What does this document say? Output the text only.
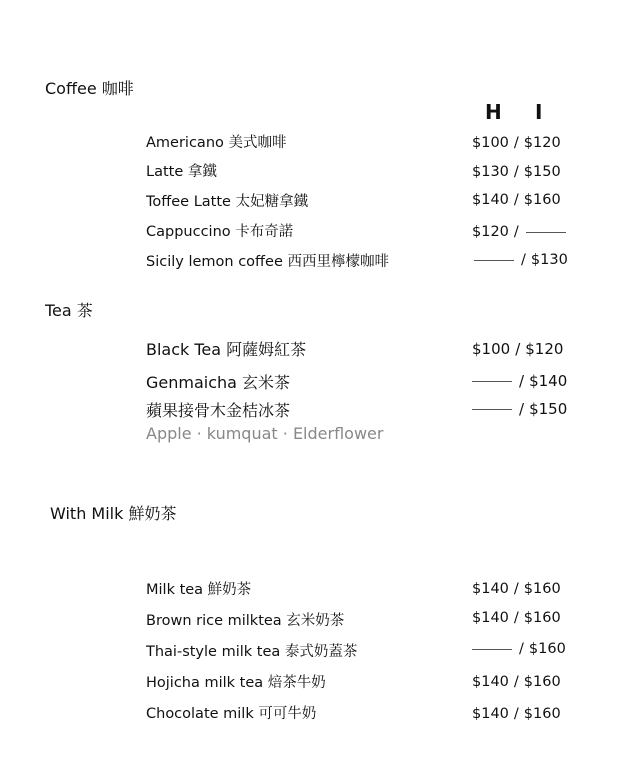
Coffee 咖啡
H I
Americano 美式咖啡	$100 / $120
Latte 拿鐵	$130 / $150
Toffee Latte 太妃糖拿鐵	$140 / $160
Cappuccino 卡布奇諾	$120 /
Sicily lemon coffee 西西里檸檬咖啡	/ $130
Tea 茶
Black Tea 阿薩姆紅茶	$100 / $120
Genmaicha 玄米茶	/ $140
蘋果接骨木金桔冰茶	/ $150
Apple · kumquat · Elderflower
With Milk 鮮奶茶
Milk tea 鮮奶茶	$140 / $160
Brown rice milktea 玄米奶茶	$140 / $160
Thai-style milk tea 泰式奶蓋茶	/ $160
Hojicha milk tea 焙茶牛奶	$140 / $160
Chocolate milk 可可牛奶	$140 / $160
